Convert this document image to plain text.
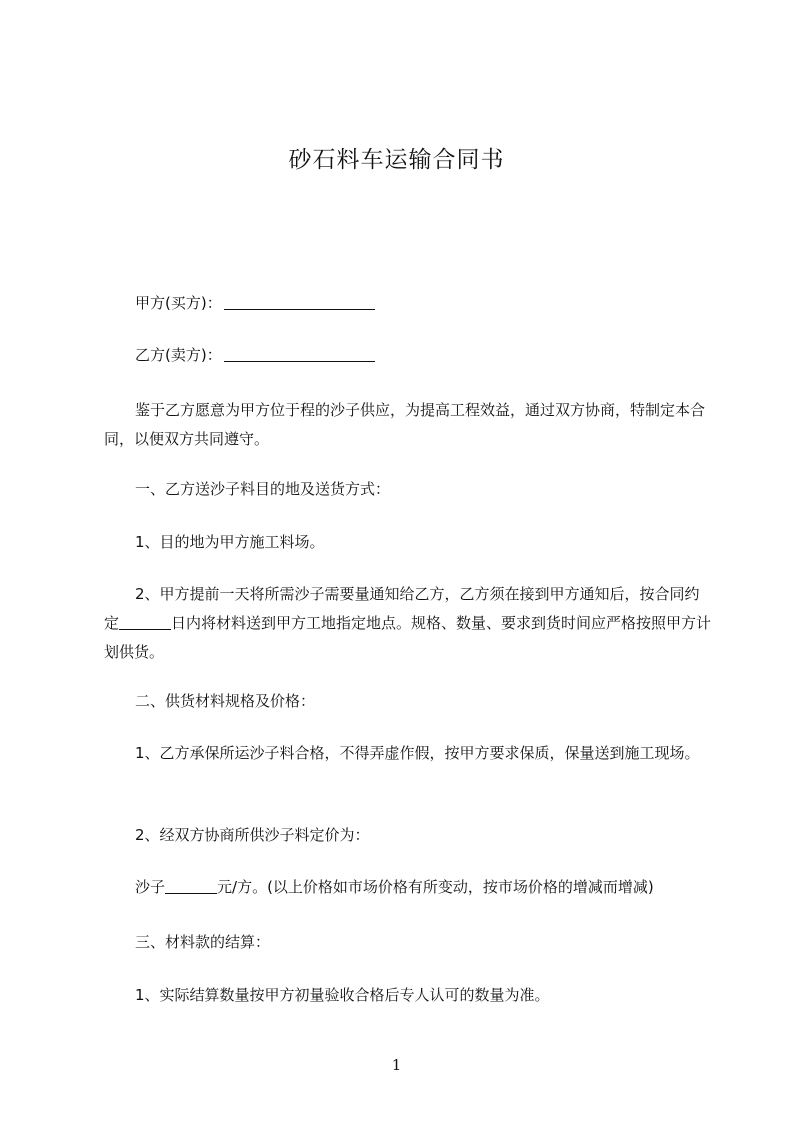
砂石料车运输合同书
甲方(买方)：
乙方(卖方)：
鉴于乙方愿意为甲方位于程的沙子供应，为提高工程效益，通过双方协商，特制定本合同，以便双方共同遵守。
一、乙方送沙子料目的地及送货方式：
1、目的地为甲方施工料场。
2、甲方提前一天将所需沙子需要量通知给乙方，乙方须在接到甲方通知后，按合同约定	日内将材料送到甲方工地指定地点。规格、数量、要求到货时间应严格按照甲方计划供货。
二、供货材料规格及价格：
1、乙方承保所运沙子料合格，不得弄虚作假，按甲方要求保质，保量送到施工现场。
2、经双方协商所供沙子料定价为：
沙子	元/方。(以上价格如市场价格有所变动，按市场价格的增减而增减)
三、材料款的结算：
1、实际结算数量按甲方初量验收合格后专人认可的数量为准。
1
